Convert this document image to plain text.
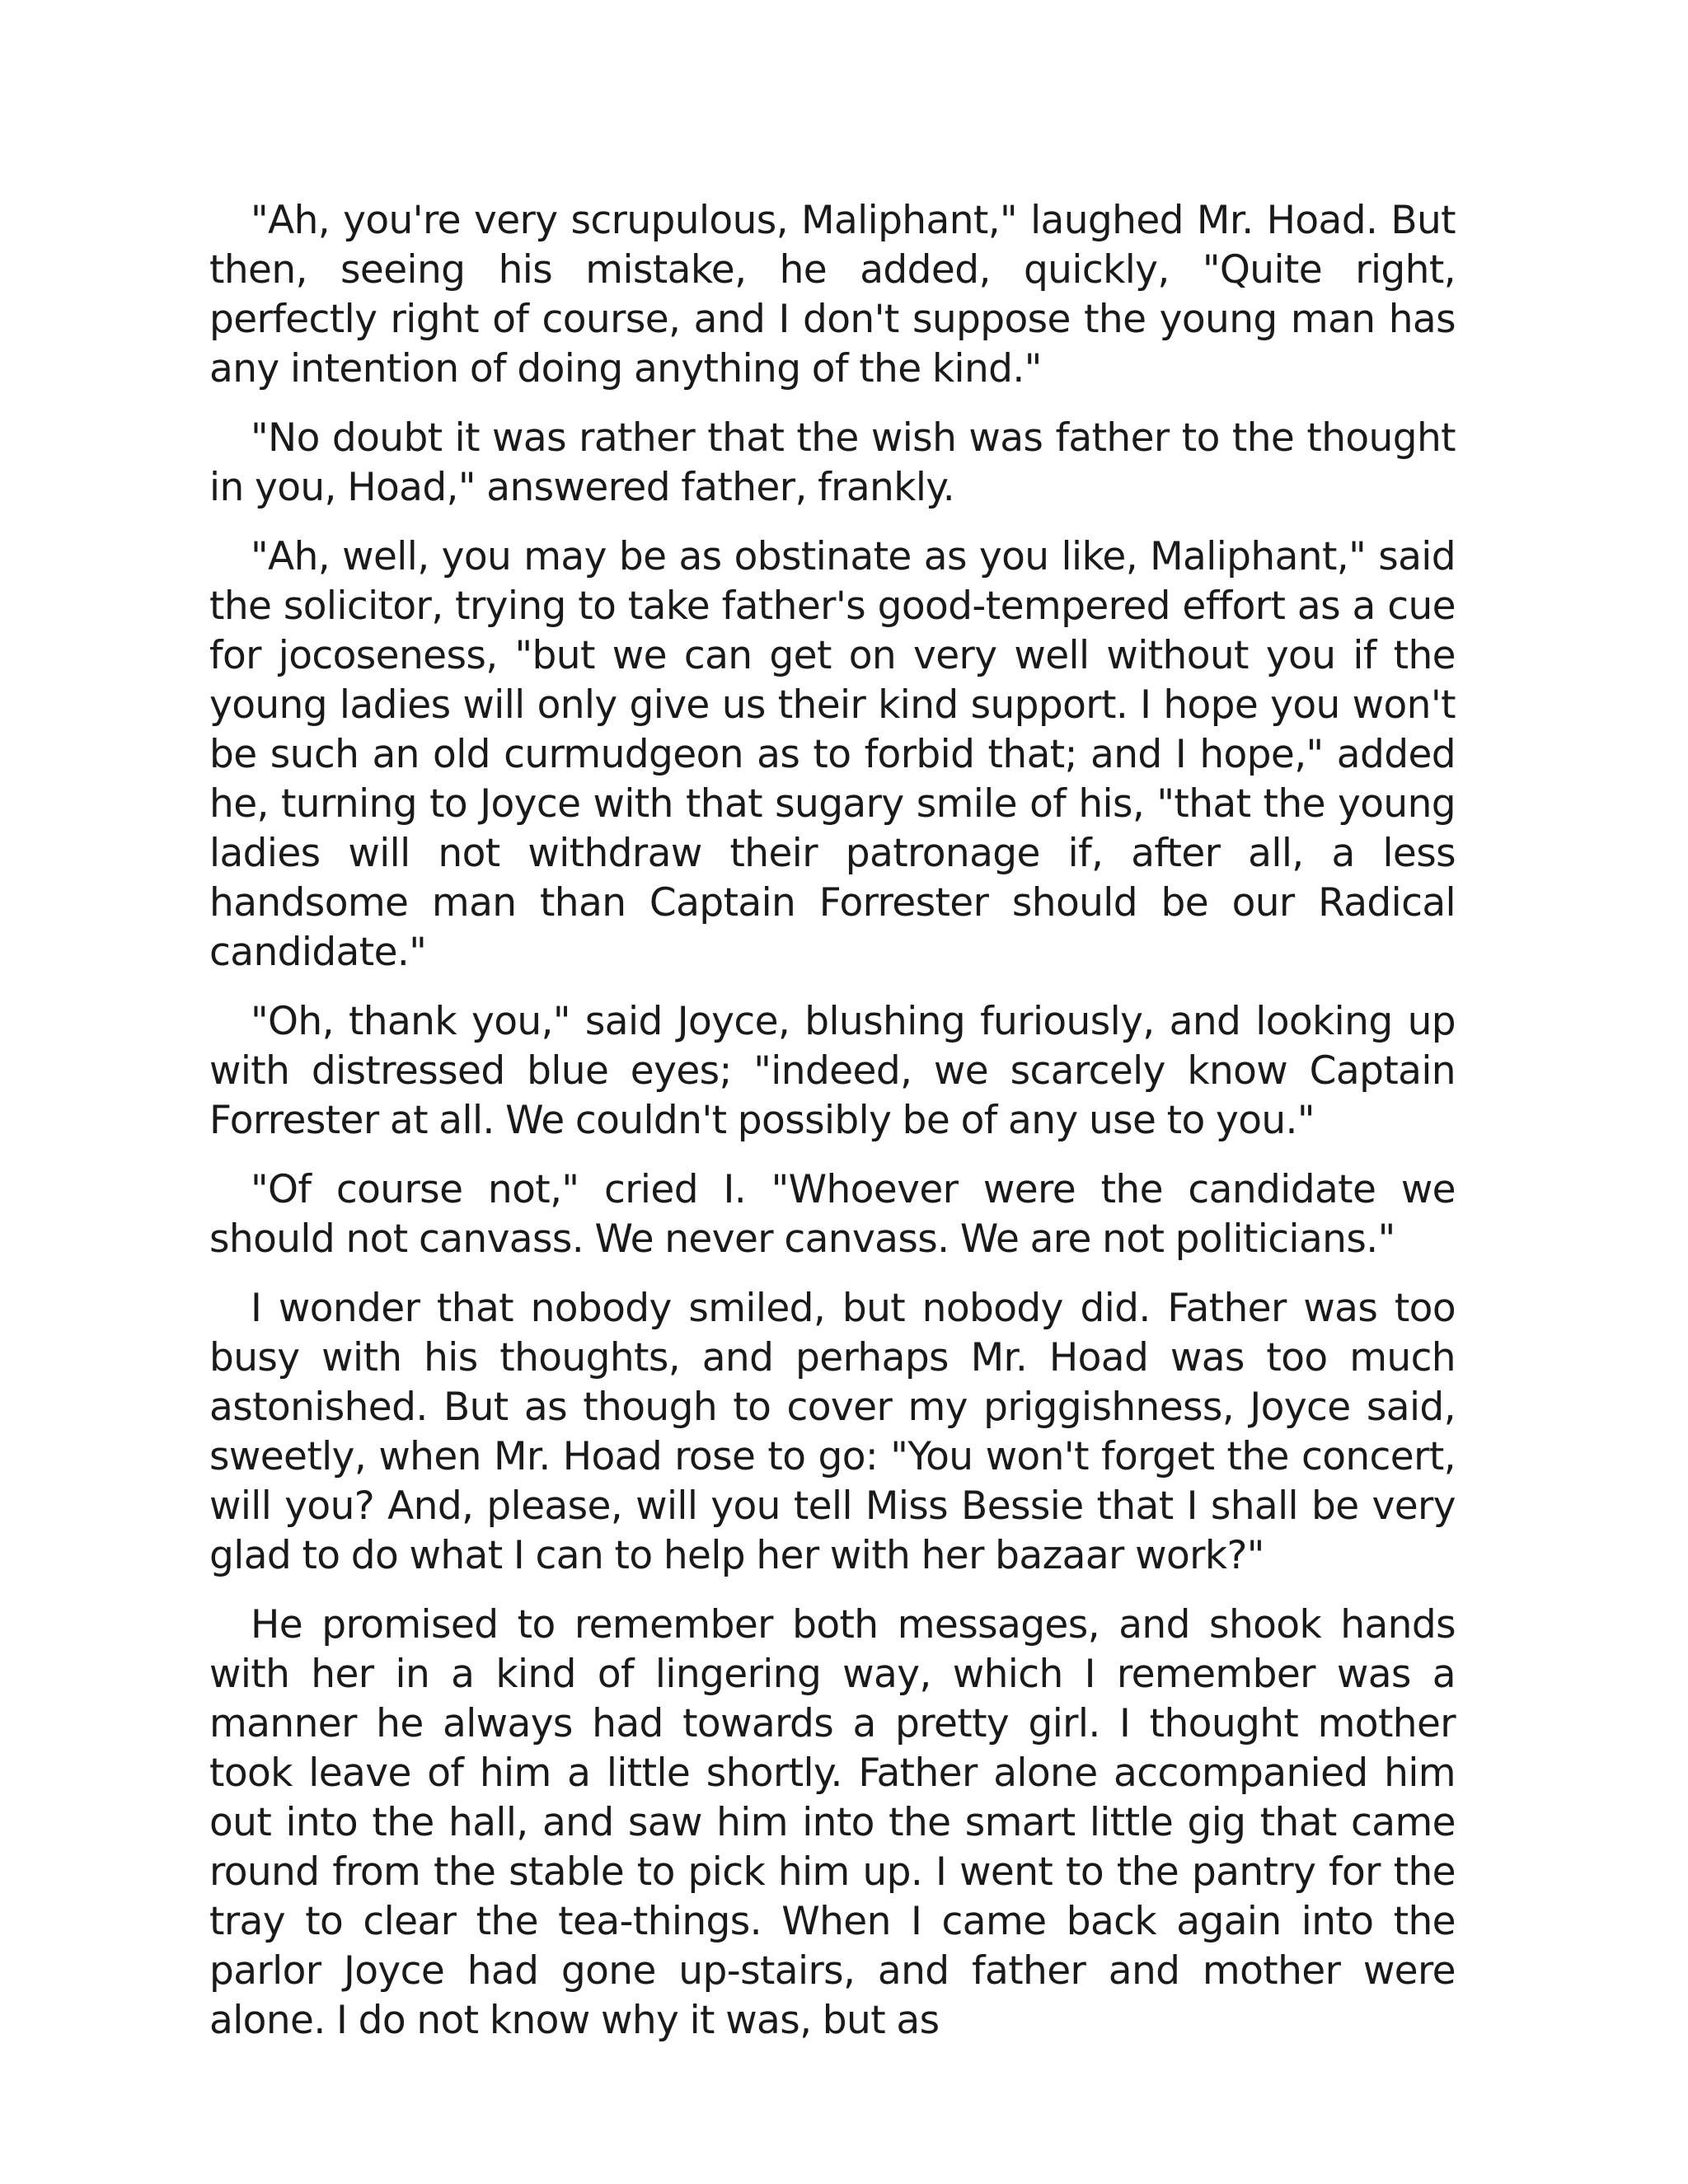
"Ah, you're very scrupulous, Maliphant," laughed Mr. Hoad. But then, seeing his mistake, he added, quickly, "Quite right, perfectly right of course, and I don't suppose the young man has any intention of doing anything of the kind."

"No doubt it was rather that the wish was father to the thought in you, Hoad," answered father, frankly.

"Ah, well, you may be as obstinate as you like, Maliphant," said the solicitor, trying to take father's good-tempered effort as a cue for jocoseness, "but we can get on very well without you if the young ladies will only give us their kind support. I hope you won't be such an old curmudgeon as to forbid that; and I hope," added he, turning to Joyce with that sugary smile of his, "that the young ladies will not withdraw their patronage if, after all, a less handsome man than Captain Forrester should be our Radical candidate."

"Oh, thank you," said Joyce, blushing furiously, and looking up with distressed blue eyes; "indeed, we scarcely know Captain Forrester at all. We couldn't possibly be of any use to you."

"Of course not," cried I. "Whoever were the candidate we should not canvass. We never canvass. We are not politicians."

I wonder that nobody smiled, but nobody did. Father was too busy with his thoughts, and perhaps Mr. Hoad was too much astonished. But as though to cover my priggishness, Joyce said, sweetly, when Mr. Hoad rose to go: "You won't forget the concert, will you? And, please, will you tell Miss Bessie that I shall be very glad to do what I can to help her with her bazaar work?"

He promised to remember both messages, and shook hands with her in a kind of lingering way, which I remember was a manner he always had towards a pretty girl. I thought mother took leave of him a little shortly. Father alone accompanied him out into the hall, and saw him into the smart little gig that came round from the stable to pick him up. I went to the pantry for the tray to clear the tea-things. When I came back again into the parlor Joyce had gone up-stairs, and father and mother were alone. I do not know why it was, but as
